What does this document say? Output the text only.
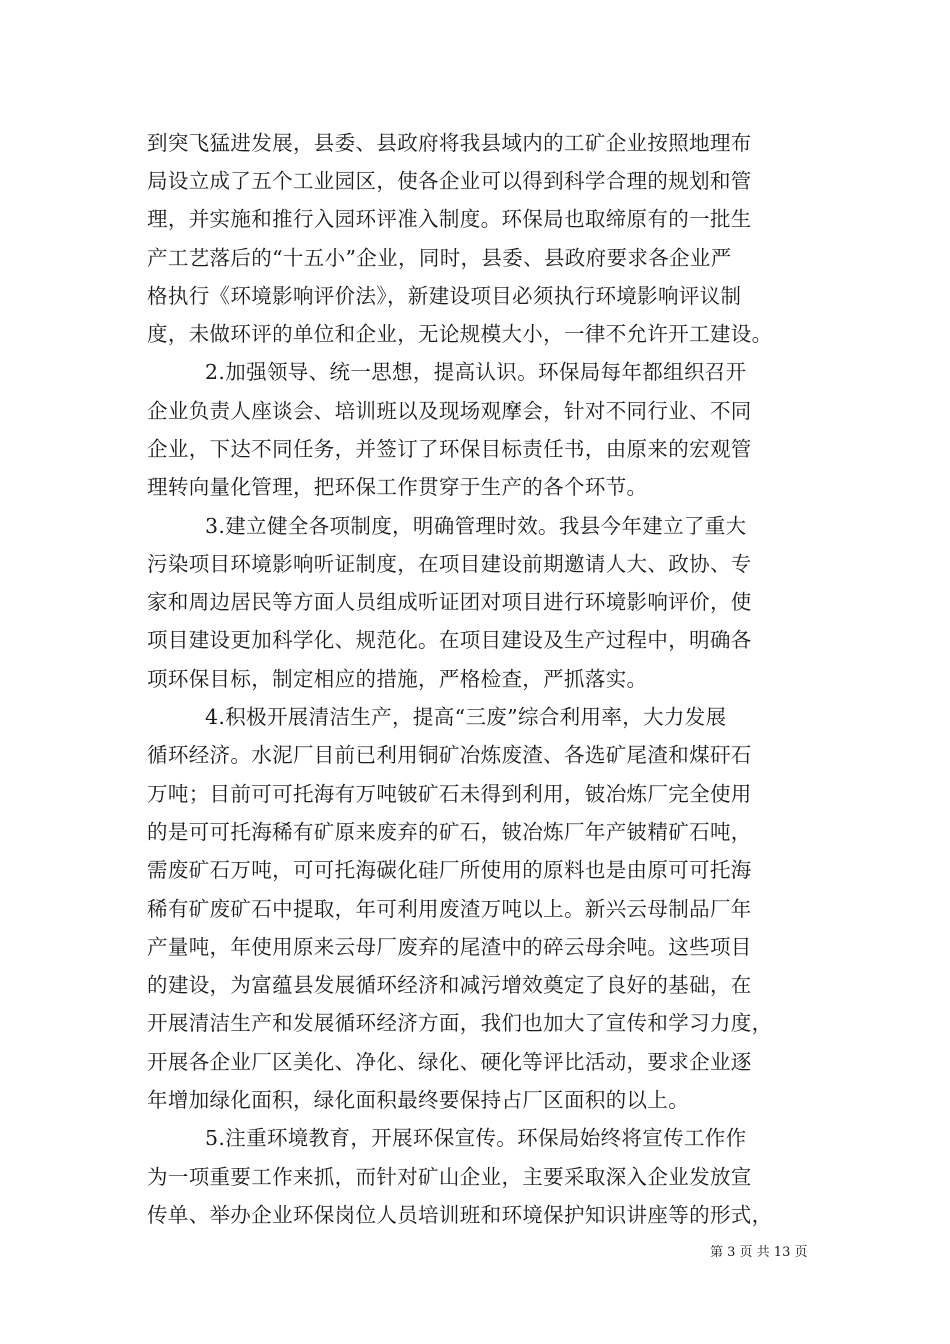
到突飞猛进发展，县委、县政府将我县域内的工矿企业按照地理布
局设立成了五个工业园区，使各企业可以得到科学合理的规划和管
理，并实施和推行入园环评准入制度。环保局也取缔原有的一批生
产工艺落后的“十五小”企业，同时，县委、县政府要求各企业严
格执行《环境影响评价法》，新建设项目必须执行环境影响评议制
度，未做环评的单位和企业，无论规模大小，一律不允许开工建设。
2.加强领导、统一思想，提高认识。环保局每年都组织召开
企业负责人座谈会、培训班以及现场观摩会，针对不同行业、不同
企业，下达不同任务，并签订了环保目标责任书，由原来的宏观管
理转向量化管理，把环保工作贯穿于生产的各个环节。
3.建立健全各项制度，明确管理时效。我县今年建立了重大
污染项目环境影响听证制度，在项目建设前期邀请人大、政协、专
家和周边居民等方面人员组成听证团对项目进行环境影响评价，使
项目建设更加科学化、规范化。在项目建设及生产过程中，明确各
项环保目标，制定相应的措施，严格检查，严抓落实。
4.积极开展清洁生产，提高“三废”综合利用率，大力发展
循环经济。水泥厂目前已利用铜矿冶炼废渣、各选矿尾渣和煤矸石
万吨；目前可可托海有万吨铍矿石未得到利用，铍冶炼厂完全使用
的是可可托海稀有矿原来废弃的矿石，铍冶炼厂年产铍精矿石吨，
需废矿石万吨，可可托海碳化硅厂所使用的原料也是由原可可托海
稀有矿废矿石中提取，年可利用废渣万吨以上。新兴云母制品厂年
产量吨，年使用原来云母厂废弃的尾渣中的碎云母余吨。这些项目
的建设，为富蕴县发展循环经济和减污增效奠定了良好的基础，在
开展清洁生产和发展循环经济方面，我们也加大了宣传和学习力度，
开展各企业厂区美化、净化、绿化、硬化等评比活动，要求企业逐
年增加绿化面积，绿化面积最终要保持占厂区面积的以上。
5.注重环境教育，开展环保宣传。环保局始终将宣传工作作
为一项重要工作来抓，而针对矿山企业，主要采取深入企业发放宣
传单、举办企业环保岗位人员培训班和环境保护知识讲座等的形式，
第 3 页 共 13 页
